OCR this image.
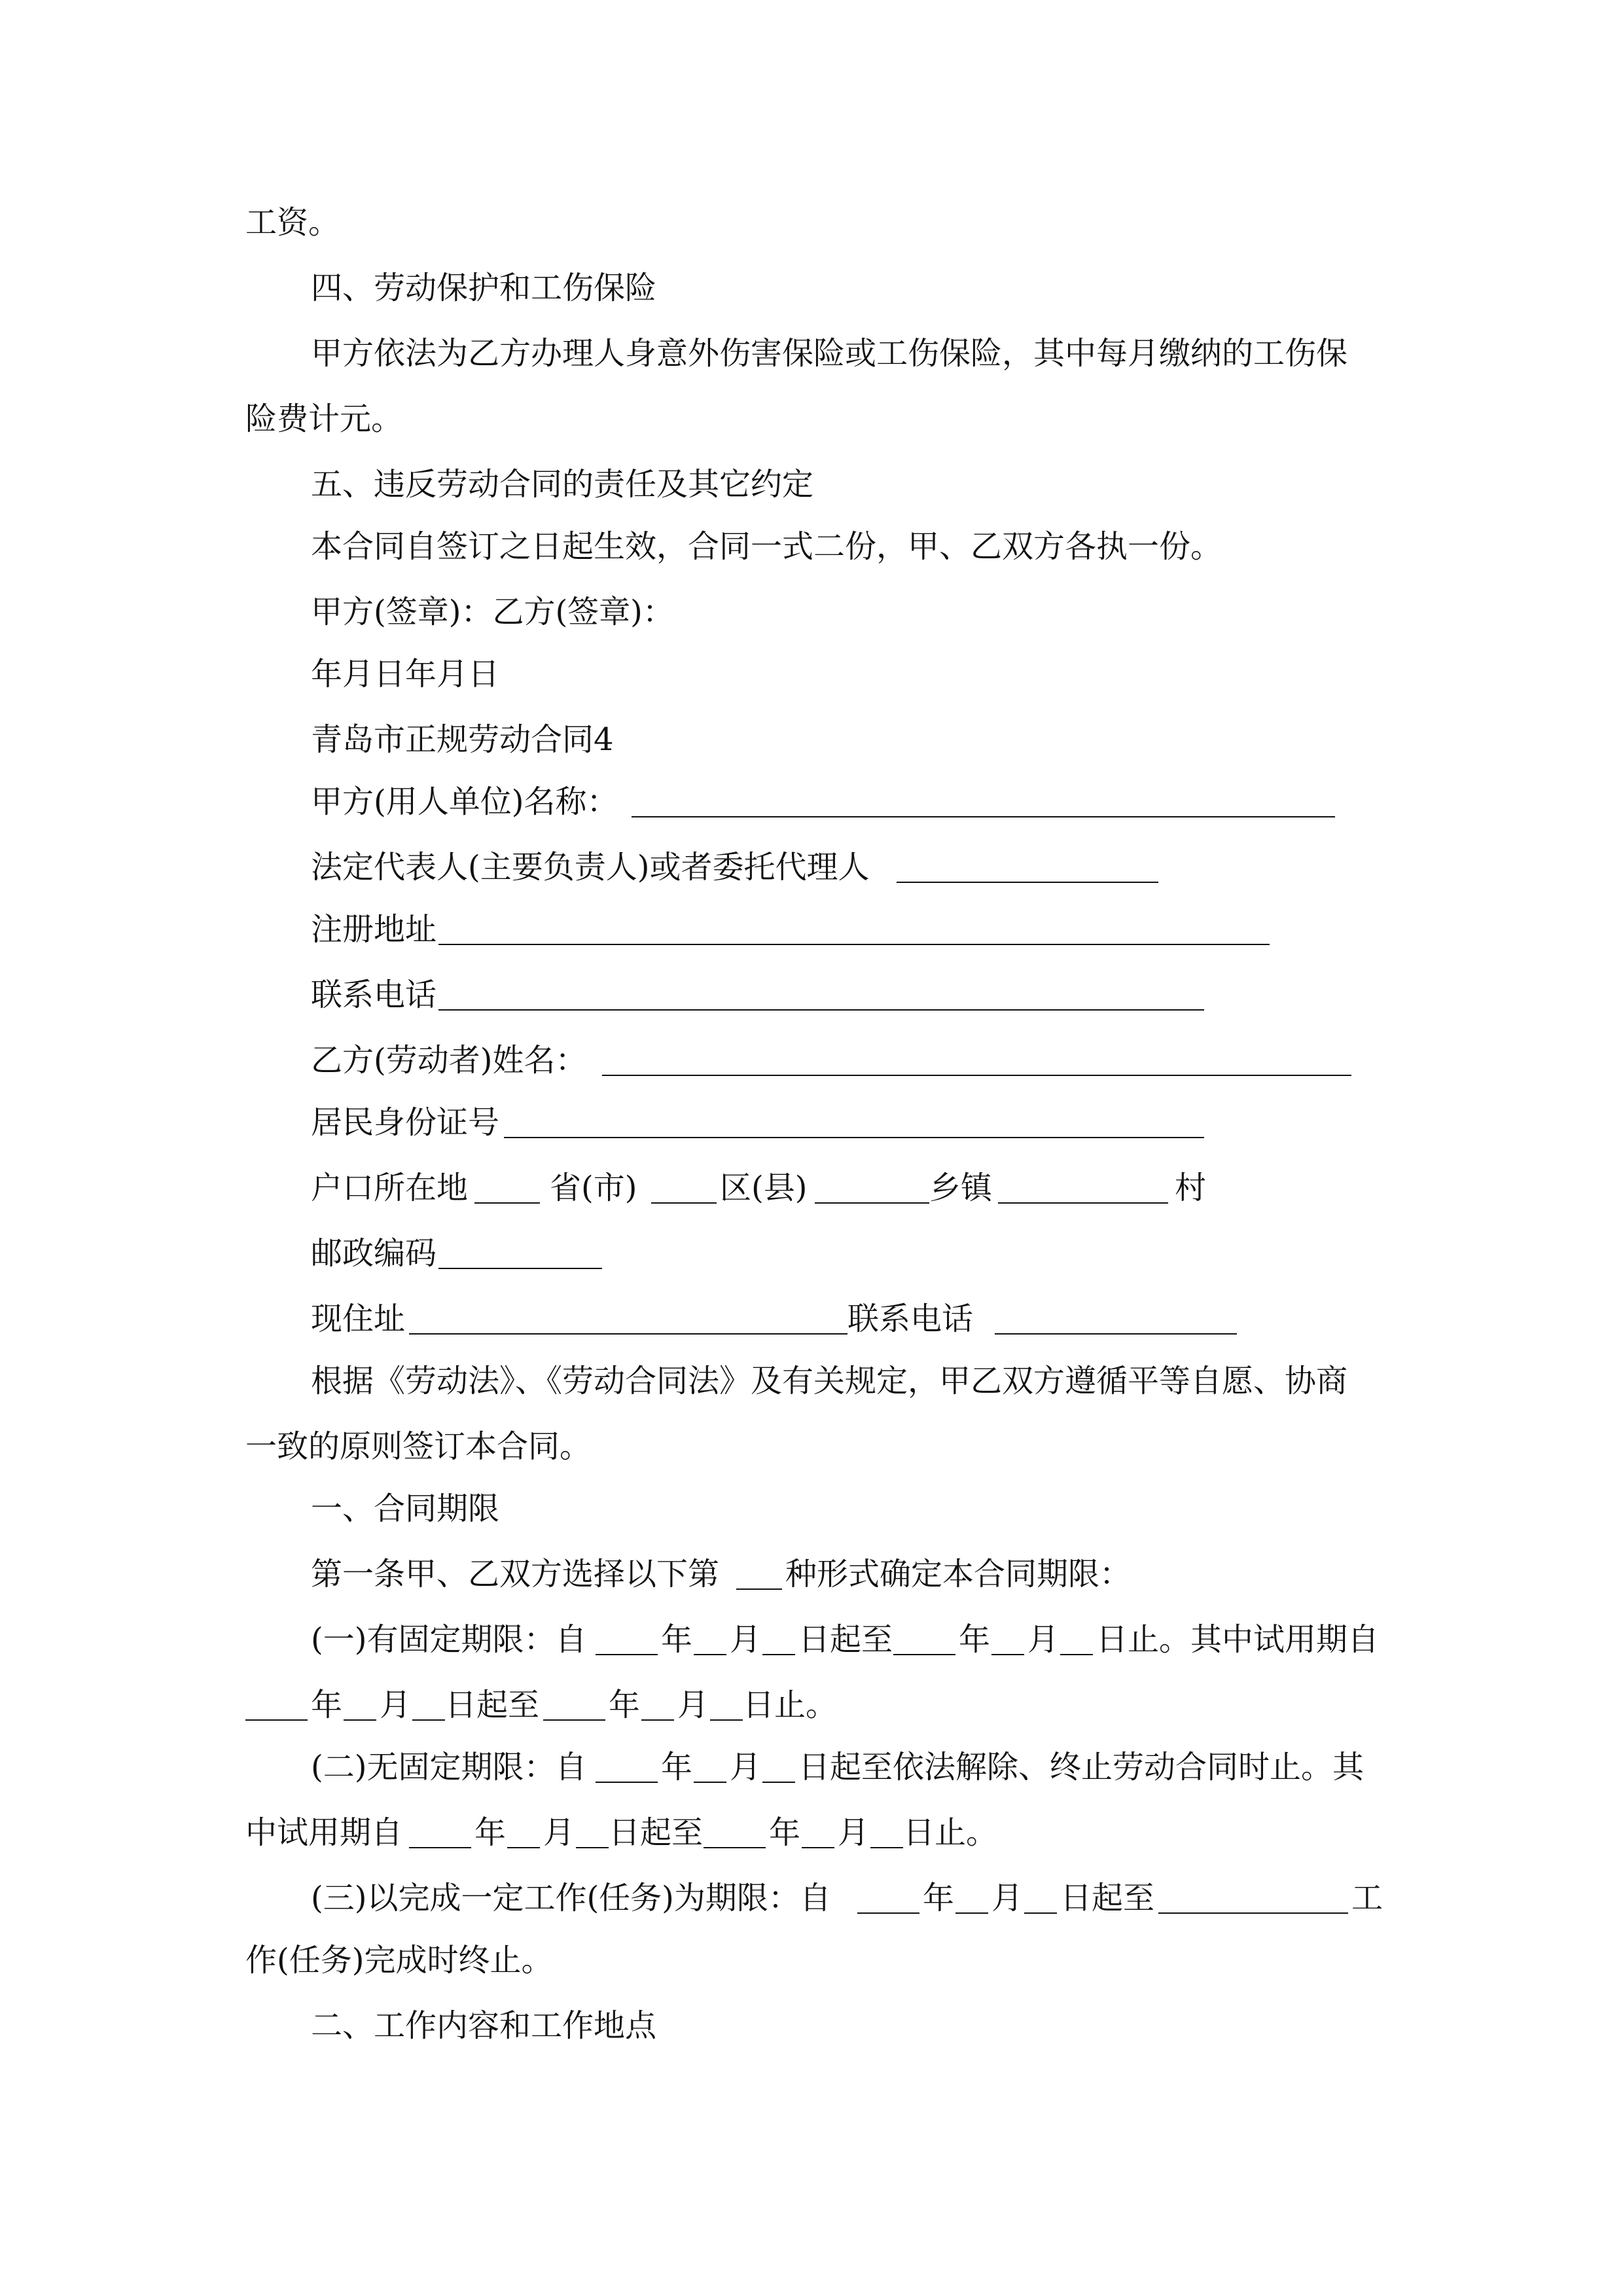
工资。
四、劳动保护和工伤保险
甲方依法为乙方办理人身意外伤害保险或工伤保险，其中每月缴纳的工伤保
险费计元。
五、违反劳动合同的责任及其它约定
本合同自签订之日起生效，合同一式二份，甲、乙双方各执一份。
甲方(签章)：乙方(签章)：
年月日年月日
青岛市正规劳动合同4
甲方(用人单位)名称：
法定代表人(主要负责人)或者委托代理人
注册地址
联系电话
乙方(劳动者)姓名：
居民身份证号
户口所在地	省(市)	区(县)	乡镇	村
邮政编码
现住址	联系电话
根据《劳动法》、《劳动合同法》及有关规定，甲乙双方遵循平等自愿、协商
一致的原则签订本合同。
一、合同期限
第一条甲、乙双方选择以下第 种形式确定本合同期限：
(一)有固定期限：自 年 月 日起至 年 月 日止。其中试用期自
年 月 日起至 年 月 日止。
(二)无固定期限：自 年 月 日起至依法解除、终止劳动合同时止。其
中试用期自 年 月 日起至 年 月 日止。
(三)以完成一定工作(任务)为期限：自	年 月 日起至	工
作(任务)完成时终止。
二、工作内容和工作地点
